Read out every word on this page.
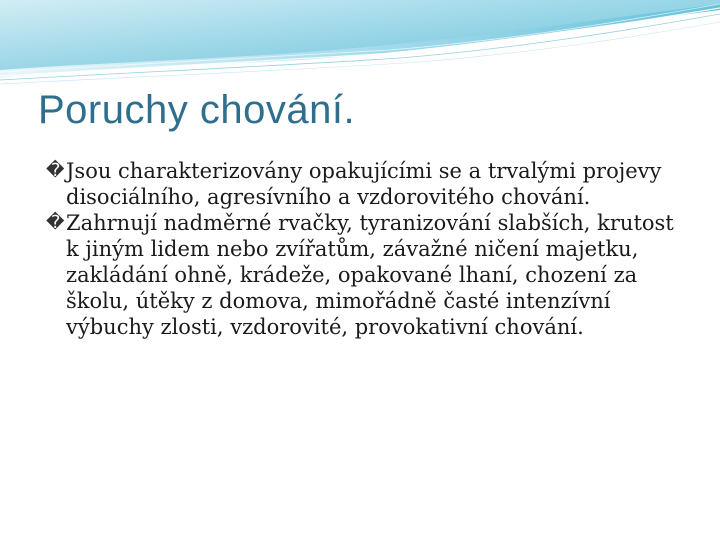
Poruchy chování.
� Jsou charakterizovány opakujícími se a trvalými projevy disociálního, agresívního a vzdorovitého chování.
� Zahrnují nadměrné rvačky, tyranizování slabších, krutost k jiným lidem nebo zvířatům, závažné ničení majetku, zakládání ohně, krádeže, opakované lhaní, chození za školu, útěky z domova, mimořádně časté intenzívní výbuchy zlosti, vzdorovité, provokativní chování.
